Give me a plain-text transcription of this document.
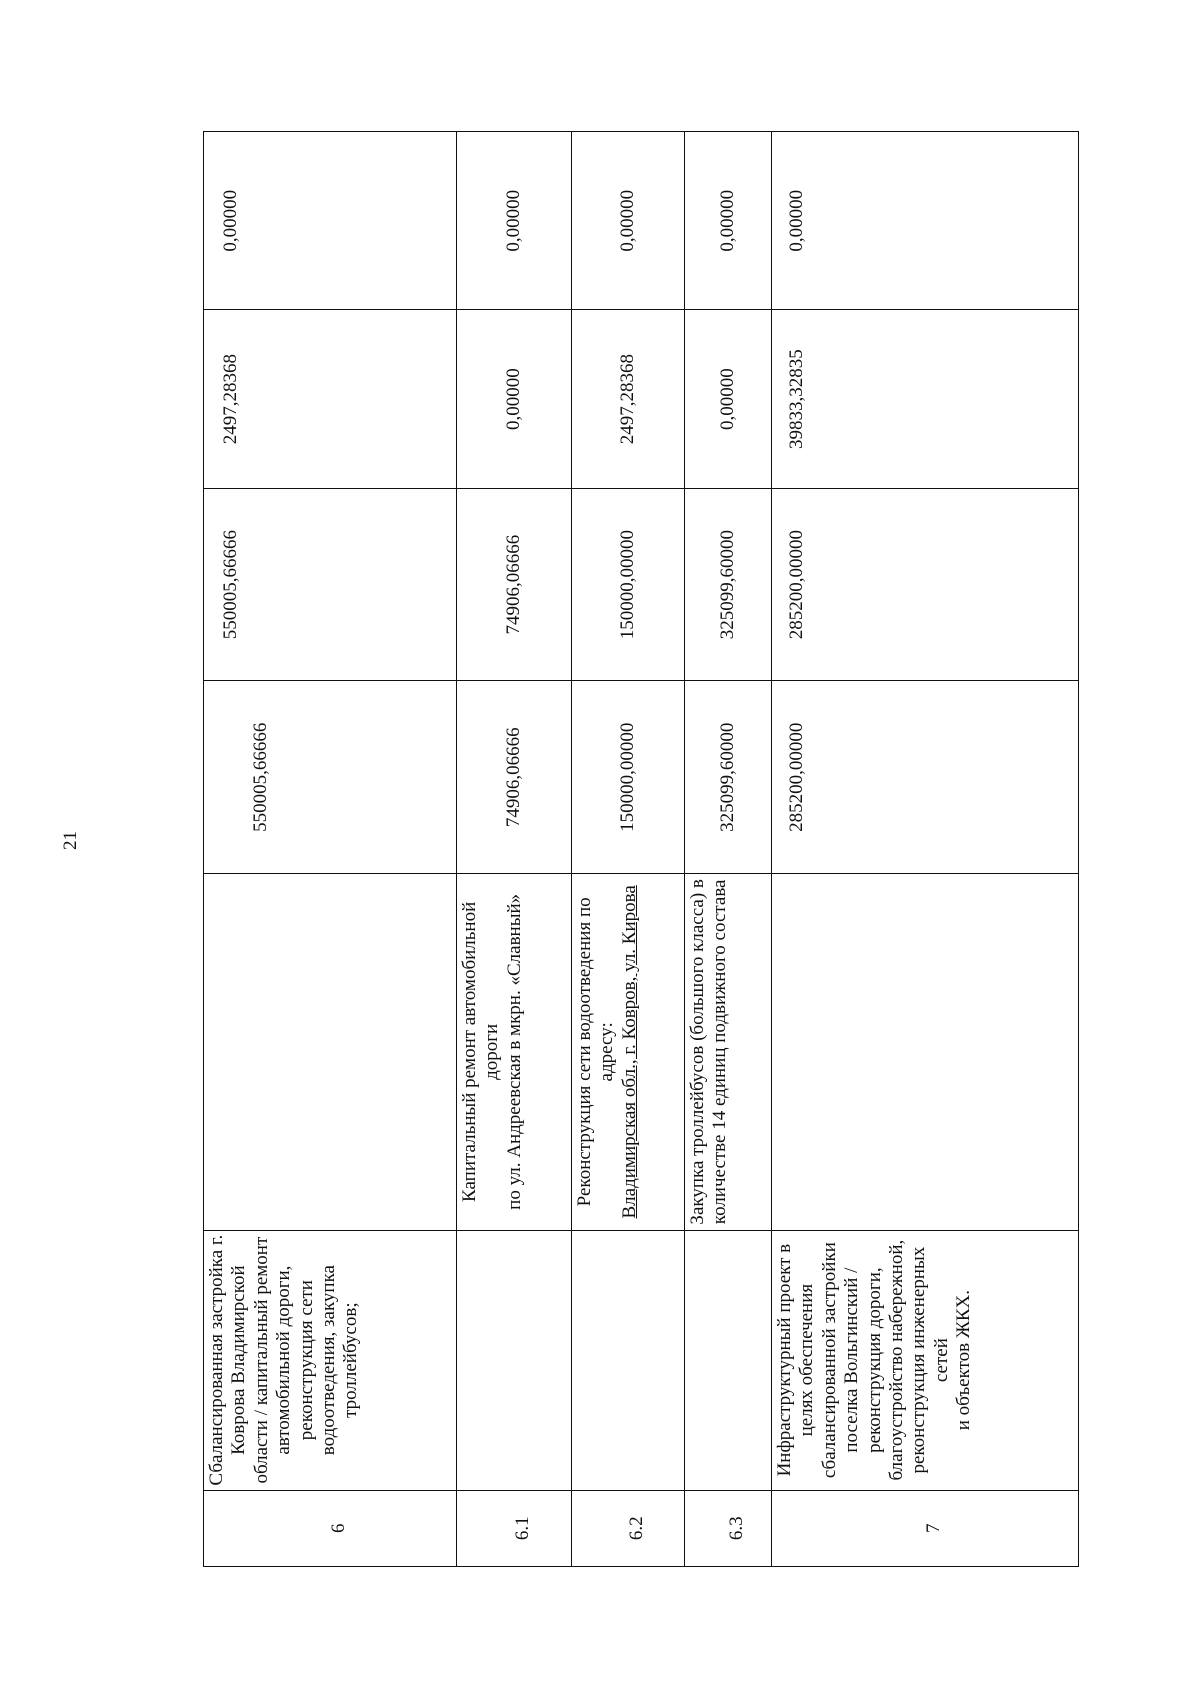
21
6	Сбалансированная застройка г. Коврова Владимирской области / капитальный ремонт автомобильной дороги, реконструкция сети водоотведения, закупка троллейбусов;		550005,66666	550005,66666	2497,28368	0,00000

6.1		Капитальный ремонт автомобильной дороги по ул. Андреевская в мкрн. «Славный»	74906,06666	74906,06666	0,00000	0,00000
6.2		Реконструкция сети водоотведения по адресу: Владимирская обл., г. Ковров, ул. Кирова	150000,00000	150000,00000	2497,28368	0,00000
6.3		Закупка троллейбусов (большого класса) в количестве 14 единиц подвижного состава	325099,60000	325099,60000	0,00000	0,00000
7	Инфраструктурный проект в целях обеспечения сбалансированной застройки поселка Вольгинский / реконструкция дороги, благоустройство набережной, реконструкция инженерных сетей и объектов ЖКХ.		285200,00000	285200,00000	39833,32835	0,00000
